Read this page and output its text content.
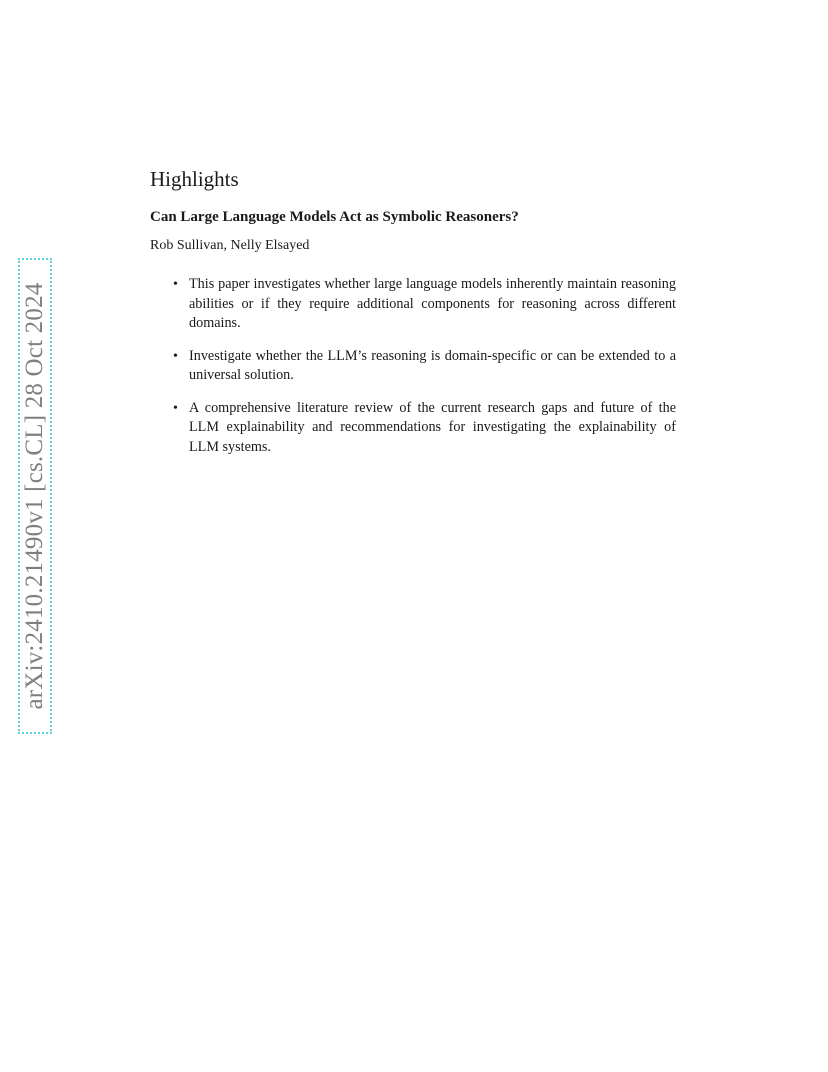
arXiv:2410.21490v1 [cs.CL] 28 Oct 2024
Highlights
Can Large Language Models Act as Symbolic Reasoners?
Rob Sullivan, Nelly Elsayed
• This paper investigates whether large language models inherently maintain reasoning abilities or if they require additional components for reasoning across different domains.
• Investigate whether the LLM’s reasoning is domain-specific or can be extended to a universal solution.
• A comprehensive literature review of the current research gaps and future of the LLM explainability and recommendations for investigating the explainability of LLM systems.
